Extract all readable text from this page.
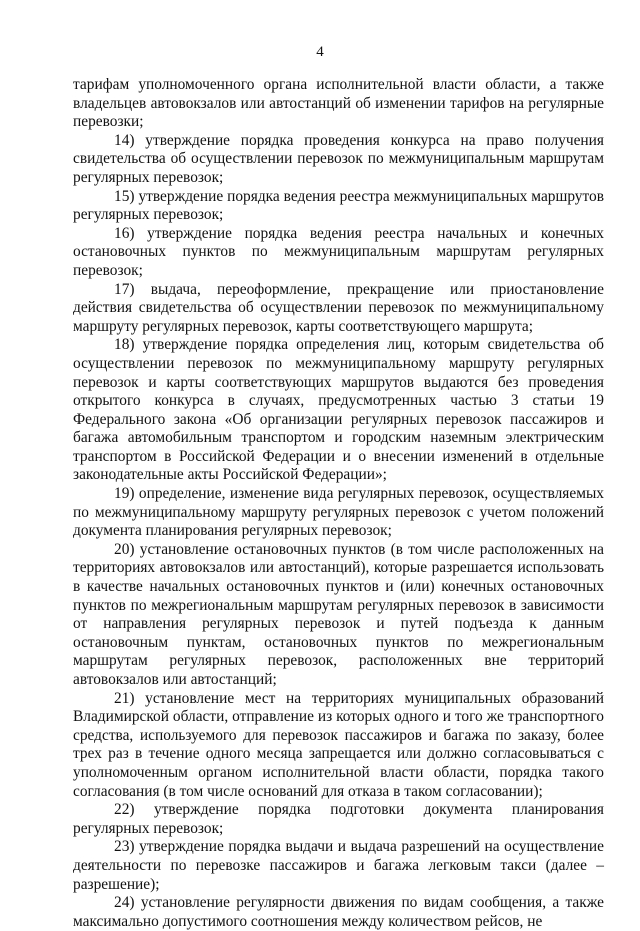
4

тарифам уполномоченного органа исполнительной власти области, а также владельцев автовокзалов или автостанций об изменении тарифов на регулярные перевозки;

14) утверждение порядка проведения конкурса на право получения свидетельства об осуществлении перевозок по межмуниципальным маршрутам регулярных перевозок;

15) утверждение порядка ведения реестра межмуниципальных маршрутов регулярных перевозок;

16) утверждение порядка ведения реестра начальных и конечных остановочных пунктов по межмуниципальным маршрутам регулярных перевозок;

17) выдача, переоформление, прекращение или приостановление действия свидетельства об осуществлении перевозок по межмуниципальному маршруту регулярных перевозок, карты соответствующего маршрута;

18) утверждение порядка определения лиц, которым свидетельства об осуществлении перевозок по межмуниципальному маршруту регулярных перевозок и карты соответствующих маршрутов выдаются без проведения открытого конкурса в случаях, предусмотренных частью 3 статьи 19 Федерального закона «Об организации регулярных перевозок пассажиров и багажа автомобильным транспортом и городским наземным электрическим транспортом в Российской Федерации и о внесении изменений в отдельные законодательные акты Российской Федерации»;

19) определение, изменение вида регулярных перевозок, осуществляемых по межмуниципальному маршруту регулярных перевозок с учетом положений документа планирования регулярных перевозок;

20) установление остановочных пунктов (в том числе расположенных на территориях автовокзалов или автостанций), которые разрешается использовать в качестве начальных остановочных пунктов и (или) конечных остановочных пунктов по межрегиональным маршрутам регулярных перевозок в зависимости от направления регулярных перевозок и путей подъезда к данным остановочным пунктам, остановочных пунктов по межрегиональным маршрутам регулярных перевозок, расположенных вне территорий автовокзалов или автостанций;

21) установление мест на территориях муниципальных образований Владимирской области, отправление из которых одного и того же транспортного средства, используемого для перевозок пассажиров и багажа по заказу, более трех раз в течение одного месяца запрещается или должно согласовываться с уполномоченным органом исполнительной власти области, порядка такого согласования (в том числе оснований для отказа в таком согласовании);

22) утверждение порядка подготовки документа планирования регулярных перевозок;

23) утверждение порядка выдачи и выдача разрешений на осуществление деятельности по перевозке пассажиров и багажа легковым такси (далее – разрешение);

24) установление регулярности движения по видам сообщения, а также максимально допустимого соотношения между количеством рейсов, не
